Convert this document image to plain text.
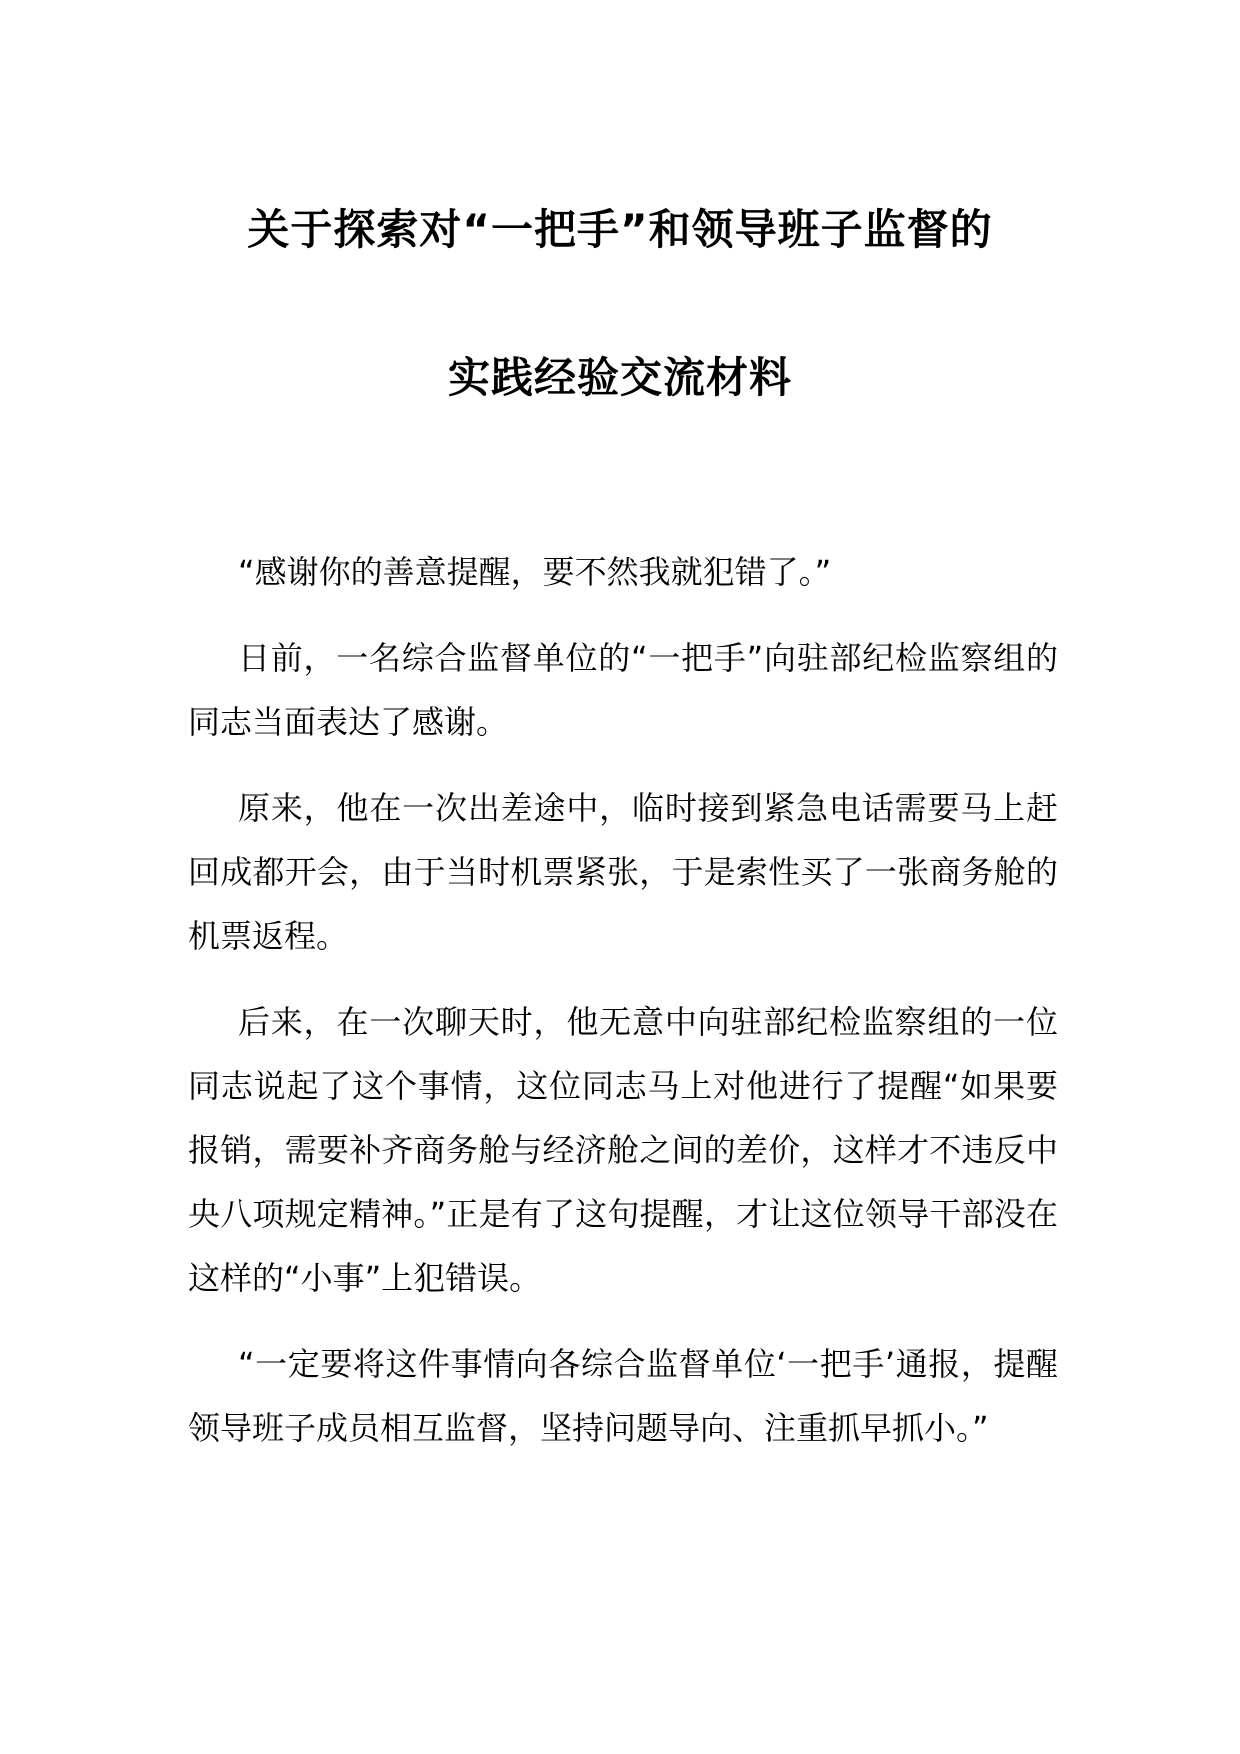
关于探索对“一把手”和领导班子监督的

实践经验交流材料

“感谢你的善意提醒，要不然我就犯错了。”

日前，一名综合监督单位的“一把手”向驻部纪检监察组的同志当面表达了感谢。

原来，他在一次出差途中，临时接到紧急电话需要马上赶回成都开会，由于当时机票紧张，于是索性买了一张商务舱的机票返程。

后来，在一次聊天时，他无意中向驻部纪检监察组的一位同志说起了这个事情，这位同志马上对他进行了提醒“如果要报销，需要补齐商务舱与经济舱之间的差价，这样才不违反中央八项规定精神。”正是有了这句提醒，才让这位领导干部没在这样的“小事”上犯错误。

“一定要将这件事情向各综合监督单位‘一把手’通报，提醒领导班子成员相互监督，坚持问题导向、注重抓早抓小。”
